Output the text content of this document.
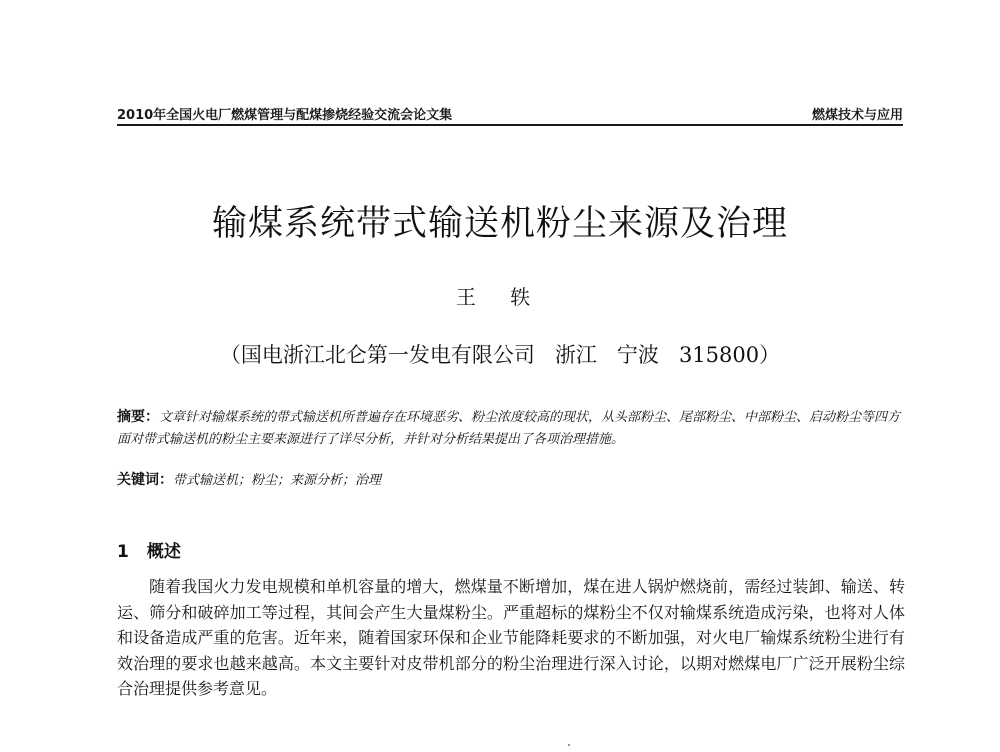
2010年全国火电厂燃煤管理与配煤掺烧经验交流会论文集	燃煤技术与应用
输煤系统带式输送机粉尘来源及治理
王 轶
（国电浙江北仑第一发电有限公司   浙江   宁波   315800）
摘要：文章针对输煤系统的带式输送机所普遍存在环境恶劣、粉尘浓度较高的现状，从头部粉尘、尾部粉尘、中部粉尘、启动粉尘等四方面对带式输送机的粉尘主要来源进行了详尽分析，并针对分析结果提出了各项治理措施。
关键词：带式输送机；粉尘；来源分析；治理
1 概述
随着我国火力发电规模和单机容量的增大，燃煤量不断增加，煤在进人锅炉燃烧前，需经过装卸、输送、转运、筛分和破碎加工等过程，其间会产生大量煤粉尘。严重超标的煤粉尘不仅对输煤系统造成污染，也将对人体和设备造成严重的危害。近年来，随着国家环保和企业节能降耗要求的不断加强，对火电厂输煤系统粉尘进行有效治理的要求也越来越高。本文主要针对皮带机部分的粉尘治理进行深入讨论，以期对燃煤电厂广泛开展粉尘综合治理提供参考意见。
